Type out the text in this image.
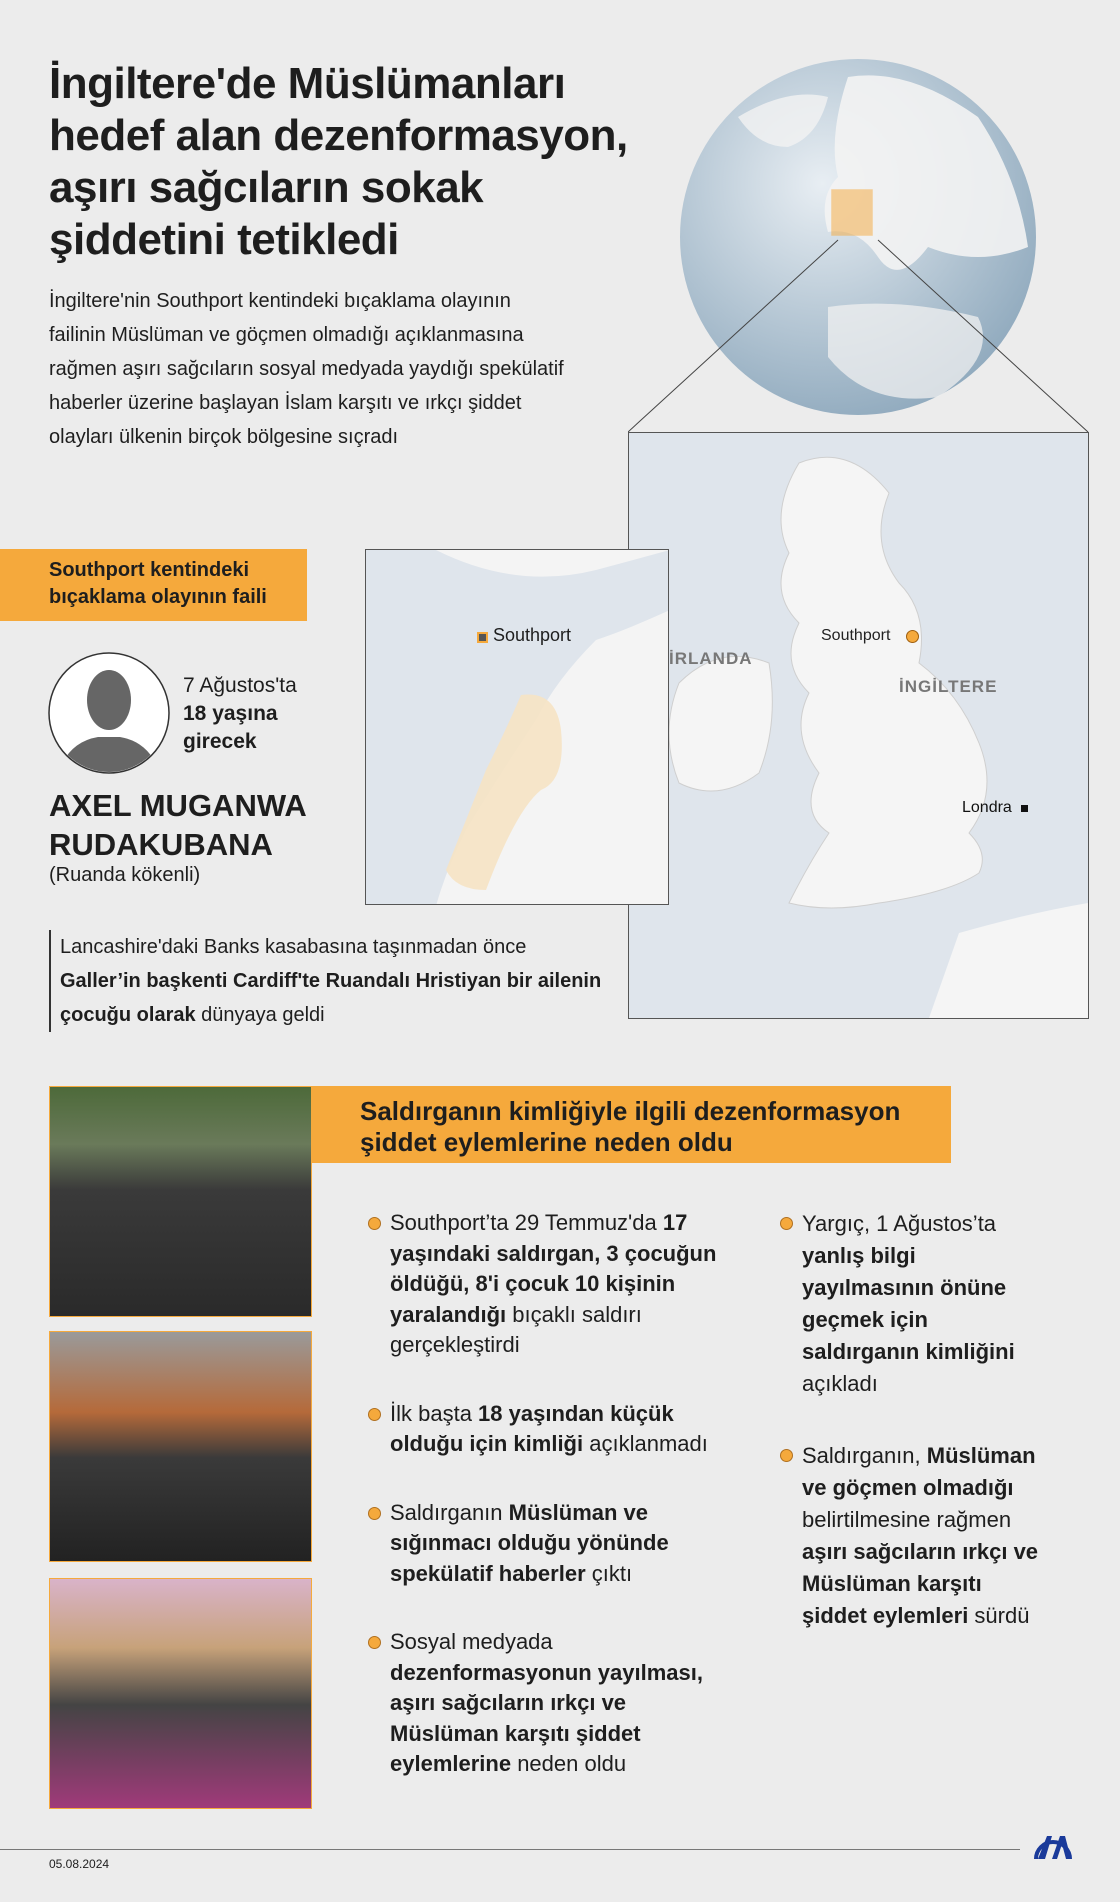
İngiltere'de Müslümanları hedef alan dezenformasyon, aşırı sağcıların sokak şiddetini tetikledi
İngiltere'nin Southport kentindeki bıçaklama olayının failinin Müslüman ve göçmen olmadığı açıklanmasına rağmen aşırı sağcıların sosyal medyada yaydığı spekülatif haberler üzerine başlayan İslam karşıtı ve ırkçı şiddet olayları ülkenin birçok bölgesine sıçradı
İRLANDA
İNGİLTERE
Southport
Londra
Southport kentindeki bıçaklama olayının faili
Southport
7 Ağustos'ta
18 yaşına girecek
AXEL MUGANWA
RUDAKUBANA
(Ruanda kökenli)
Lancashire'daki Banks kasabasına taşınmadan önce Galler’in başkenti Cardiff'te Ruandalı Hristiyan bir ailenin çocuğu olarak dünyaya geldi
Saldırganın kimliğiyle ilgili dezenformasyon şiddet eylemlerine neden oldu
Southport’ta 29 Temmuz'da 17 yaşındaki saldırgan, 3 çocuğun öldüğü, 8'i çocuk 10 kişinin yaralandığı bıçaklı saldırı gerçekleştirdi
İlk başta 18 yaşından küçük olduğu için kimliği açıklanmadı
Saldırganın Müslüman ve sığınmacı olduğu yönünde spekülatif haberler çıktı
Sosyal medyada dezenformasyonun yayılması, aşırı sağcıların ırkçı ve Müslüman karşıtı şiddet eylemlerine neden oldu
Yargıç, 1 Ağustos’ta yanlış bilgi yayılmasının önüne geçmek için saldırganın kimliğini açıkladı
Saldırganın, Müslüman ve göçmen olmadığı belirtilmesine rağmen aşırı sağcıların ırkçı ve Müslüman karşıtı şiddet eylemleri sürdü
05.08.2024
